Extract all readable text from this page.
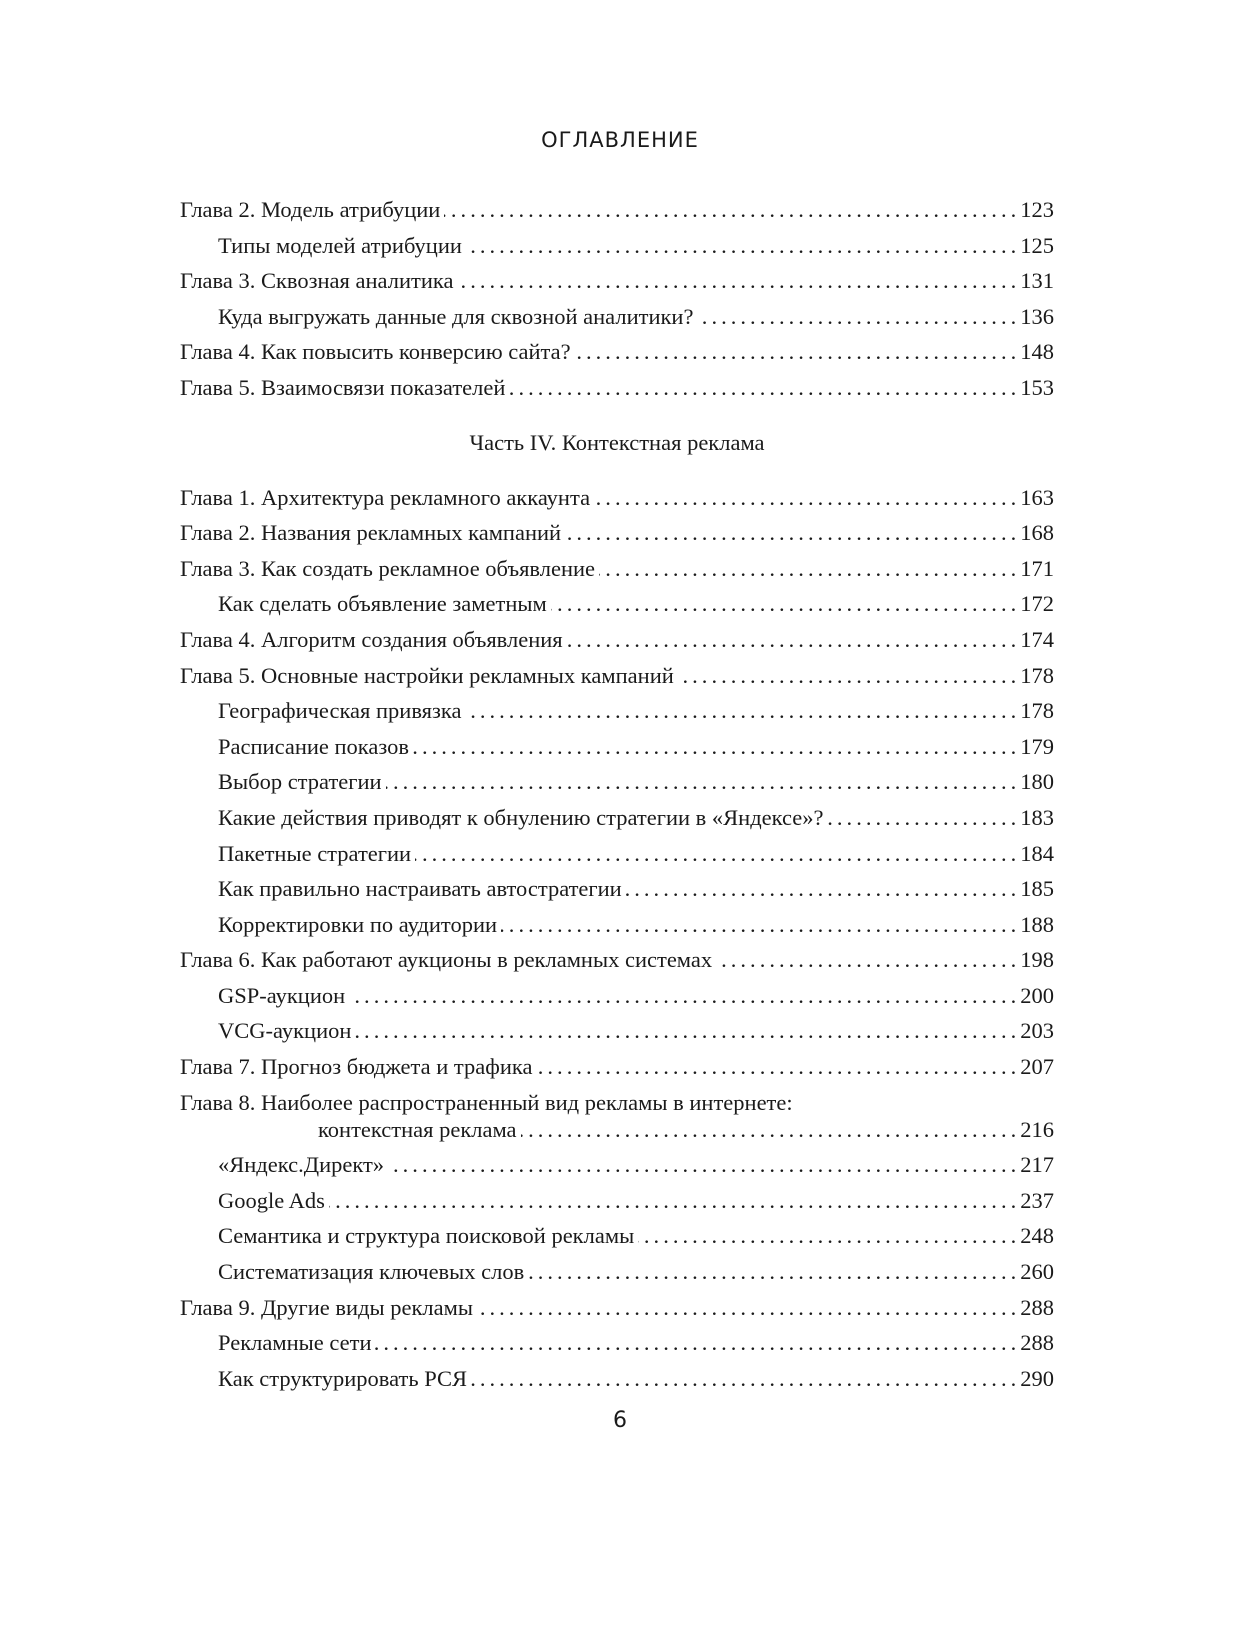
ОГЛАВЛЕНИЕ
Глава 2. Модель атрибуции . . .	123
Типы моделей атрибуции . . .	125
Глава 3. Сквозная аналитика . . .	131
Куда выгружать данные для сквозной аналитики? . . .	136
Глава 4. Как повысить конверсию сайта? . . .	148
Глава 5. Взаимосвязи показателей . . .	153
Часть IV. Контекстная реклама
Глава 1. Архитектура рекламного аккаунта . . .	163
Глава 2. Названия рекламных кампаний . . .	168
Глава 3. Как создать рекламное объявление . . .	171
Как сделать объявление заметным . . .	172
Глава 4. Алгоритм создания объявления . . .	174
Глава 5. Основные настройки рекламных кампаний . . .	178
Географическая привязка . . .	178
Расписание показов . . .	179
Выбор стратегии . . .	180
Какие действия приводят к обнулению стратегии в «Яндексе»? . . .	183
Пакетные стратегии . . .	184
Как правильно настраивать автостратегии . . .	185
Корректировки по аудитории . . .	188
Глава 6. Как работают аукционы в рекламных системах . . .	198
GSP-аукцион . . .	200
VCG-аукцион . . .	203
Глава 7. Прогноз бюджета и трафика . . .	207
Глава 8. Наиболее распространенный вид рекламы в интернете:
контекстная реклама . . .	216
«Яндекс.Директ» . . .	217
Google Ads . . .	237
Семантика и структура поисковой рекламы . . .	248
Систематизация ключевых слов . . .	260
Глава 9. Другие виды рекламы . . .	288
Рекламные сети . . .	288
Как структурировать РСЯ . . .	290
6
